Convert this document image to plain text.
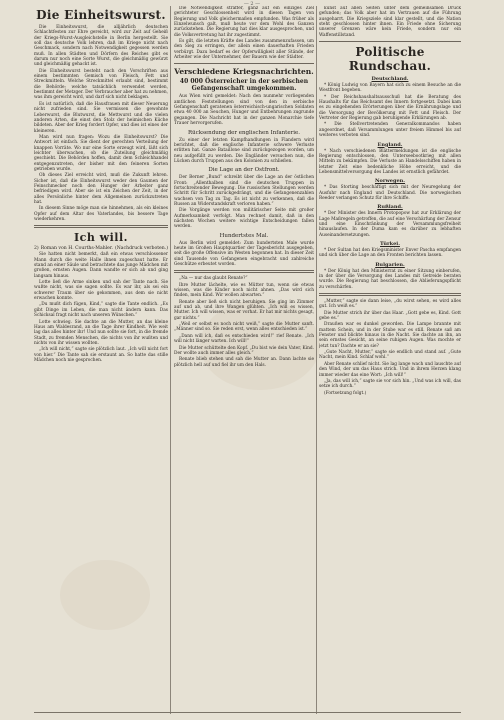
— 2 —
Die Einheitswurst.

Die Einheitswurst, die alljährlich deutschen Schlachtfesten zur Ehre gereicht, wird zur Zeit auf Geheiß der Kriegs-Wurst-Ausgleichstelle in Berlin hergestellt. Sie soll das deutsche Volk lehren, daß im Kriege nicht nach Geschmack, sondern nach Notwendigkeit gegessen werden muß. In allen Städten und Dörfern des Reiches gibt es darum nur noch eine Sorte Wurst, die gleichmäßig gewürzt und gleichmäßig gehackt ist.

Die Einheitswurst besteht nach den Vorschriften aus einem bestimmten Gemisch von Fleisch, Fett und Streckmitteln. Welche Streckmittel erlaubt sind, bestimmt die Behörde; welche tatsächlich verwendet werden, bestimmt der Metzger. Der Verbraucher aber hat zu nehmen, was ihm gereicht wird, und darf sich nicht beklagen.

Es ist natürlich, daß die Hausfrauen mit dieser Neuerung nicht zufrieden sind. Sie vermissen die gewohnte Leberwurst, die Blutwurst, die Mettwurst und die vielen anderen Arten, die einst den Stolz der heimischen Küche bildeten. Aber der Krieg fordert Opfer, und dies ist eines der kleineren.

Man wird nun fragen: Wozu die Einheitswurst? Die Antwort ist einfach. Sie dient der gerechten Verteilung der knappen Vorräte. Wo nur eine Sorte erzeugt wird, läßt sich leichter überwachen, ob die Zuteilung gleichmäßig geschieht. Die Behörden hoffen, damit dem Schleichhandel entgegenzutreten, der bisher mit den feineren Sorten getrieben wurde.

Ob dieses Ziel erreicht wird, muß die Zukunft lehren. Sicher ist, daß die Einheitswurst weder den Gaumen der Feinschmecker noch den Hunger der Arbeiter ganz befriedigen wird. Aber sie ist ein Zeichen der Zeit, in der alles Persönliche hinter dem Allgemeinen zurückzutreten hat.

In diesem Sinne möge man sie hinnehmen, als ein kleines Opfer auf dem Altar des Vaterlandes, bis bessere Tage wiederkehren.

Ich will.
2) Roman von H. Courths-Mahler. (Nachdruck verboten.)

Sie hatten nicht bemerkt, daß ein etwas verschlossener Mann durch die weite Halle ihnen zugeschaut hatte. Er stand an einer Säule und betrachtete das junge Mädchen mit großen, ernsten Augen. Dann wandte er sich ab und ging langsam hinaus.

Lotte ließ die Arme sinken und sah der Tante nach. Sie wußte nicht, was sie sagen sollte. Es war ihr, als sei ein schwerer Traum über sie gekommen, aus dem sie nicht erwachen konnte.

„Du mußt dich fügen, Kind,“ sagte die Tante endlich. „Es gibt Dinge im Leben, die man nicht ändern kann. Das Schicksal fragt nicht nach unseren Wünschen.“

Lotte schwieg. Sie dachte an die Mutter, an das kleine Haus am Waldesrand, an die Tage ihrer Kindheit. Wie weit lag das alles hinter ihr! Und nun sollte sie fort, in die fremde Stadt, zu fremden Menschen, die nichts von ihr wußten und nichts von ihr wissen wollten.

„Ich will nicht,“ sagte sie plötzlich laut. „Ich will nicht fort von hier.“ Die Tante sah sie erstaunt an. So hatte das stille Mädchen noch nie gesprochen.

Die Notwendigkeit straffer, ganz auf ein einziges Ziel gerichteter Geschlossenheit wird in diesen Tagen von Regierung und Volk gleichermaßen empfunden. Was früher als Einzelwunsch galt, muß heute vor dem Wohl des Ganzen zurückstehen. Die Regierung hat dies klar ausgesprochen, und die Volksvertretung hat ihr zugestimmt.

Es gilt, die letzten Kräfte des Landes zusammenzufassen, um den Sieg zu erringen, der allein einen dauerhaften Frieden verbürgt. Dazu bedarf es der Opferwilligkeit aller Stände, der Arbeiter wie der Unternehmer, der Bauern wie der Städter.

Verschiedene Kriegsnachrichten.
40 000 Österreicher in der serbischen Gefangenschaft umgekommen.

Aus Wien wird gemeldet: Nach den nunmehr vorliegenden amtlichen Feststellungen sind von den in serbische Gefangenschaft geratenen österreichisch-ungarischen Soldaten etwa 40 000 an Seuchen, Hunger und Entbehrungen zugrunde gegangen. Die Nachricht hat in der ganzen Monarchie tiefe Trauer hervorgerufen.

Rücksendung der englischen Infanterie.

Zu einer der letzten Kampfhandlungen in Flandern wird berichtet, daß die englische Infanterie schwere Verluste erlitten hat. Ganze Bataillone sind zurückgezogen worden, um neu aufgefüllt zu werden. Die Engländer versuchen nun, die Lücken durch Truppen aus den Kolonien zu schließen.

Die Lage an der Ostfront.

Der Berner „Bund“ schreibt über die Lage an der östlichen Front: „Allenthalben sind die deutschen Truppen in fortschreitender Bewegung. Die russischen Stellungen werden Schritt für Schritt zurückgedrängt, und die Gefangenenzahlen wachsen von Tag zu Tag. Es ist nicht zu verkennen, daß die Russen an Widerstandskraft verloren haben.“

Die Vorgänge werden von militärischer Seite mit großer Aufmerksamkeit verfolgt. Man rechnet damit, daß in den nächsten Wochen weitere wichtige Entscheidungen fallen werden.

Hundertstes Mal.

Aus Berlin wird gemeldet: Zum hundertsten Male wurde heute im Großen Hauptquartier der Tagesbericht ausgegeben, seit die große Offensive im Westen begonnen hat. In dieser Zeit sind Tausende von Gefangenen eingebracht und zahlreiche Geschütze erbeutet worden.

„Na — nur das glaubt Renate?“

Ihre Mutter lächelte, wie es Mütter tun, wenn sie etwas wissen, was die Kinder noch nicht ahnen. „Das wird sich finden, mein Kind. Wir wollen abwarten.“

Renate aber ließ sich nicht beruhigen. Sie ging im Zimmer auf und ab, und ihre Wangen glühten. „Ich will es wissen, Mutter. Ich will wissen, was er vorhat. Er hat mir nichts gesagt, gar nichts.“

„Weil er selbst es noch nicht weiß,“ sagte die Mutter sanft. „Männer sind so. Sie reden erst, wenn alles entschieden ist.“

„Dann will ich, daß es entschieden wird!“ rief Renate. „Ich will nicht länger warten. Ich will!“

Die Mutter schüttelte den Kopf. „Du bist wie dein Vater, Kind. Der wollte auch immer alles gleich.“

Renate blieb stehen und sah die Mutter an. Dann lachte sie plötzlich hell auf und fiel ihr um den Hals.

kunst auf allen Seiten unter dem gemeinsamen Druck gefunden; das Volk aber hat im Vertrauen auf die Führung ausgeharrt. Die Kriegsziele sind klar gestellt, und die Nation steht geschlossen hinter ihnen. Ein Friede ohne Sicherung unserer Grenzen wäre kein Friede, sondern nur ein Waffenstillstand.

Politische Rundschau.
Deutschland.

* König Ludwig von Bayern hat sich zu einem Besuche an die Westfront begeben.

* Der Reichshaushaltsausschuß hat die Beratung des Haushalts für das Reichsamt des Innern fortgesetzt. Dabei kam es zu eingehenden Erörterungen über die Ernährungslage und die Versorgung der Bevölkerung mit Fett und Fleisch. Der Vertreter der Regierung gab beruhigende Erklärungen ab.

* Die Stellvertretenden Generalkommandos haben angeordnet, daß Versammlungen unter freiem Himmel bis auf weiteres verboten sind.

England.

* Nach verschiedenen Blättermeldungen ist die englische Regierung entschlossen, den Unterseebootkrieg mit allen Mitteln zu bekämpfen. Die Verluste an Handelsschiffen haben in letzter Zeit eine bedenkliche Höhe erreicht, und die Lebensmittelversorgung des Landes ist ernstlich gefährdet.

Norwegen.

* Das Storting beschäftigt sich mit der Neuregelung der Ausfuhr nach England und Deutschland. Die norwegischen Reeder verlangen Schutz für ihre Schiffe.

Rußland.

* Der Minister des Innern Protopopow hat zur Erklärung der Lage Maßregeln getroffen, die auf eine Verschärfung der Zensur und eine Einschränkung der Versammlungsfreiheit hinauslaufen. In der Duma kam es darüber zu lebhaften Auseinandersetzungen.

Türkei.

* Der Sultan hat den Kriegsminister Enver Pascha empfangen und sich über die Lage an den Fronten berichten lassen.

Bulgarien.

* Der König hat den Ministerrat zu einer Sitzung einberufen, in der über die Versorgung des Landes mit Getreide beraten wurde. Die Regierung hat beschlossen, die Ablieferungspflicht zu verschärfen.

„Mutter,“ sagte sie dann leise, „du wirst sehen, es wird alles gut. Ich weiß es.“

Die Mutter strich ihr über das Haar. „Gott gebe es, Kind. Gott gebe es.“

Draußen war es dunkel geworden. Die Lampe brannte mit mattem Schein, und in der Stube war es still. Renate saß am Fenster und blickte hinaus in die Nacht. Sie dachte an ihn, an sein ernstes Gesicht, an seine ruhigen Augen. Was mochte er jetzt tun? Dachte er an sie?

„Gute Nacht, Mutter,“ sagte sie endlich und stand auf. „Gute Nacht, mein Kind. Schlaf wohl.“

Aber Renate schlief nicht. Sie lag lange wach und lauschte auf den Wind, der um das Haus strich. Und in ihrem Herzen klang immer wieder das eine Wort: „Ich will!“

„Ja, das will ich,“ sagte sie vor sich hin. „Und was ich will, das setze ich durch.“

(Fortsetzung folgt.)
